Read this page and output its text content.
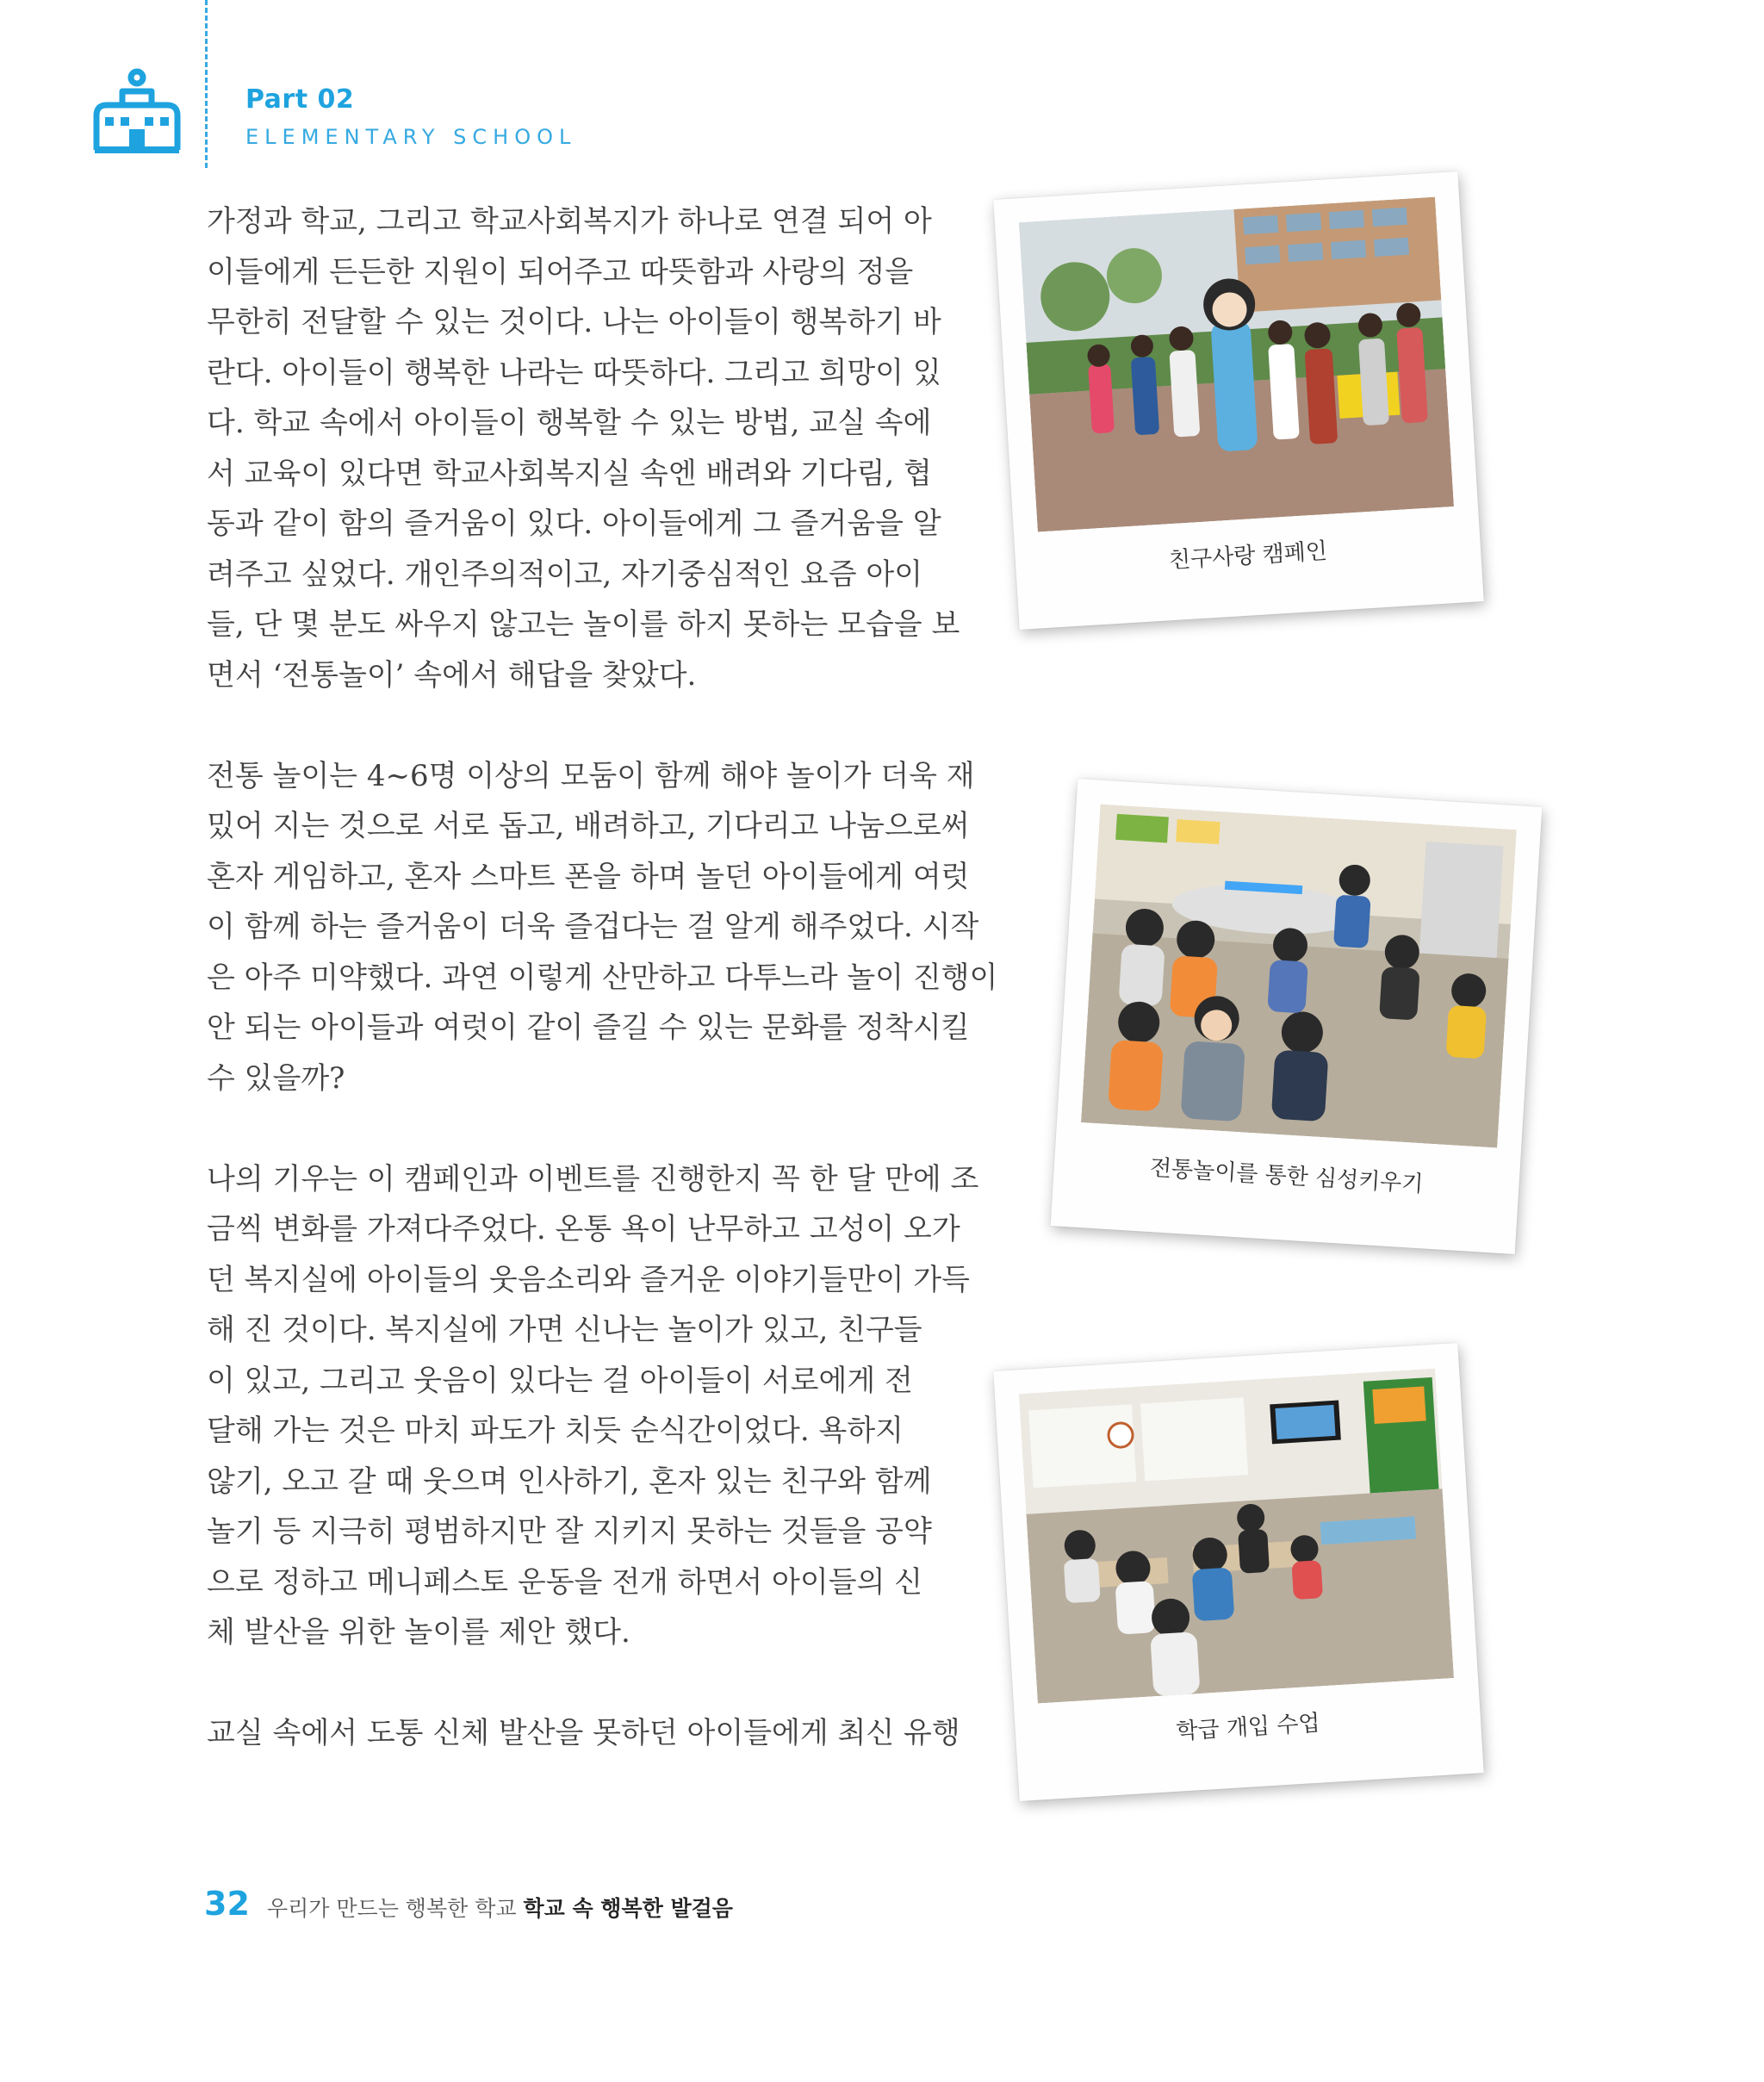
Part 02
ELEMENTARY SCHOOL

가정과 학교, 그리고 학교사회복지가 하나로 연결 되어 아

이들에게 든든한 지원이 되어주고 따뜻함과 사랑의 정을

무한히 전달할 수 있는 것이다. 나는 아이들이 행복하기 바

란다. 아이들이 행복한 나라는 따뜻하다. 그리고 희망이 있

다. 학교 속에서 아이들이 행복할 수 있는 방법, 교실 속에

서 교육이 있다면 학교사회복지실 속엔 배려와 기다림, 협

동과 같이 함의 즐거움이 있다. 아이들에게 그 즐거움을 알

려주고 싶었다. 개인주의적이고, 자기중심적인 요즘 아이

들, 단 몇 분도 싸우지 않고는 놀이를 하지 못하는 모습을 보

면서 ‘전통놀이’ 속에서 해답을 찾았다.

전통 놀이는 4~6명 이상의 모둠이 함께 해야 놀이가 더욱 재

밌어 지는 것으로 서로 돕고, 배려하고, 기다리고 나눔으로써

혼자 게임하고, 혼자 스마트 폰을 하며 놀던 아이들에게 여럿

이 함께 하는 즐거움이 더욱 즐겁다는 걸 알게 해주었다. 시작

은 아주 미약했다. 과연 이렇게 산만하고 다투느라 놀이 진행이

안 되는 아이들과 여럿이 같이 즐길 수 있는 문화를 정착시킬

수 있을까?

나의 기우는 이 캠페인과 이벤트를 진행한지 꼭 한 달 만에 조

금씩 변화를 가져다주었다. 온통 욕이 난무하고 고성이 오가

던 복지실에 아이들의 웃음소리와 즐거운 이야기들만이 가득

해 진 것이다. 복지실에 가면 신나는 놀이가 있고, 친구들

이 있고, 그리고 웃음이 있다는 걸 아이들이 서로에게 전

달해 가는 것은 마치 파도가 치듯 순식간이었다. 욕하지

않기, 오고 갈 때 웃으며 인사하기, 혼자 있는 친구와 함께

놀기 등 지극히 평범하지만 잘 지키지 못하는 것들을 공약

으로 정하고 메니페스토 운동을 전개 하면서 아이들의 신

체 발산을 위한 놀이를 제안 했다.

교실 속에서 도통 신체 발산을 못하던 아이들에게 최신 유행

친구사랑 캠페인
전통놀이를 통한 심성키우기
학급 개입 수업
32 우리가 만드는 행복한 학교 학교 속 행복한 발걸음
